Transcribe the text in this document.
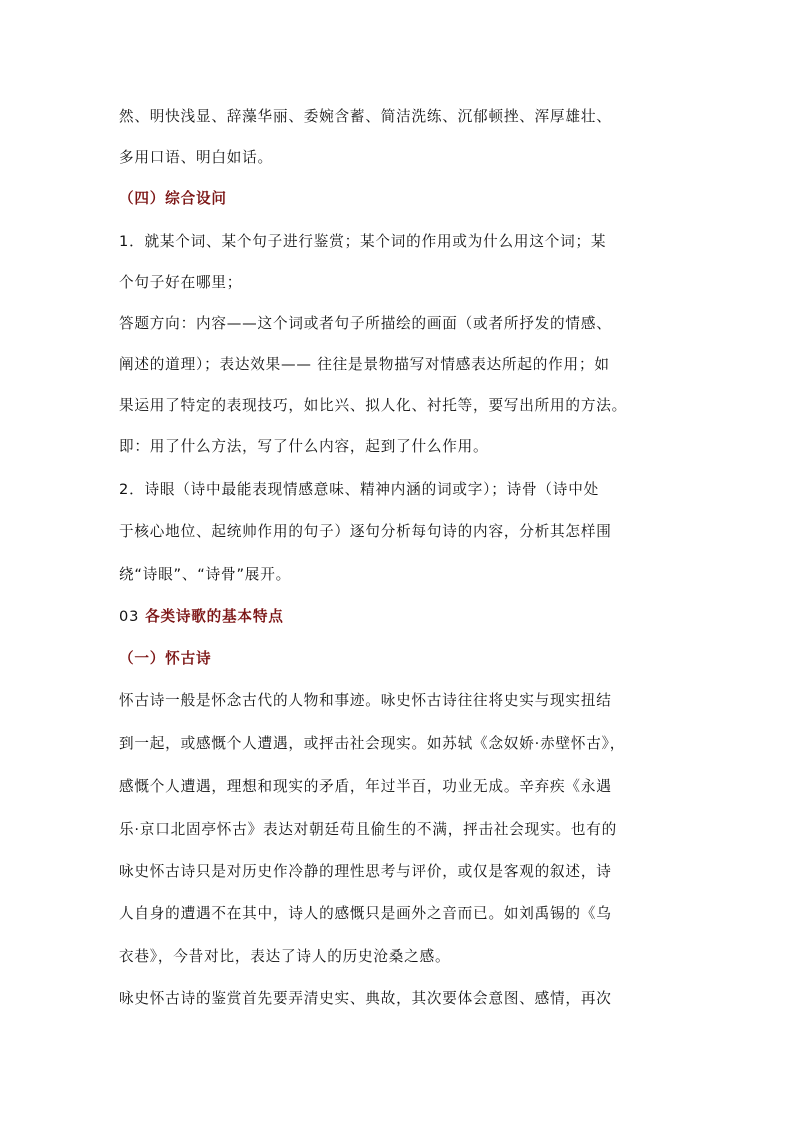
然、明快浅显、辞藻华丽、委婉含蓄、简洁洗练、沉郁顿挫、浑厚雄壮、
多用口语、明白如话。
（四）综合设问
1．就某个词、某个句子进行鉴赏；某个词的作用或为什么用这个词；某
个句子好在哪里；
答题方向：内容——这个词或者句子所描绘的画面（或者所抒发的情感、
阐述的道理）；表达效果—— 往往是景物描写对情感表达所起的作用；如
果运用了特定的表现技巧，如比兴、拟人化、衬托等，要写出所用的方法。
即：用了什么方法，写了什么内容，起到了什么作用。
2．诗眼（诗中最能表现情感意味、精神内涵的词或字）；诗骨（诗中处
于核心地位、起统帅作用的句子）逐句分析每句诗的内容，分析其怎样围
绕“诗眼”、“诗骨”展开。
03 各类诗歌的基本特点
（一）怀古诗
怀古诗一般是怀念古代的人物和事迹。咏史怀古诗往往将史实与现实扭结
到一起，或感慨个人遭遇，或抨击社会现实。如苏轼《念奴娇·赤壁怀古》，
感慨个人遭遇，理想和现实的矛盾，年过半百，功业无成。辛弃疾《永遇
乐·京口北固亭怀古》表达对朝廷苟且偷生的不满，抨击社会现实。也有的
咏史怀古诗只是对历史作冷静的理性思考与评价，或仅是客观的叙述，诗
人自身的遭遇不在其中，诗人的感慨只是画外之音而已。如刘禹锡的《乌
衣巷》，今昔对比，表达了诗人的历史沧桑之感。
咏史怀古诗的鉴赏首先要弄清史实、典故，其次要体会意图、感情，再次
